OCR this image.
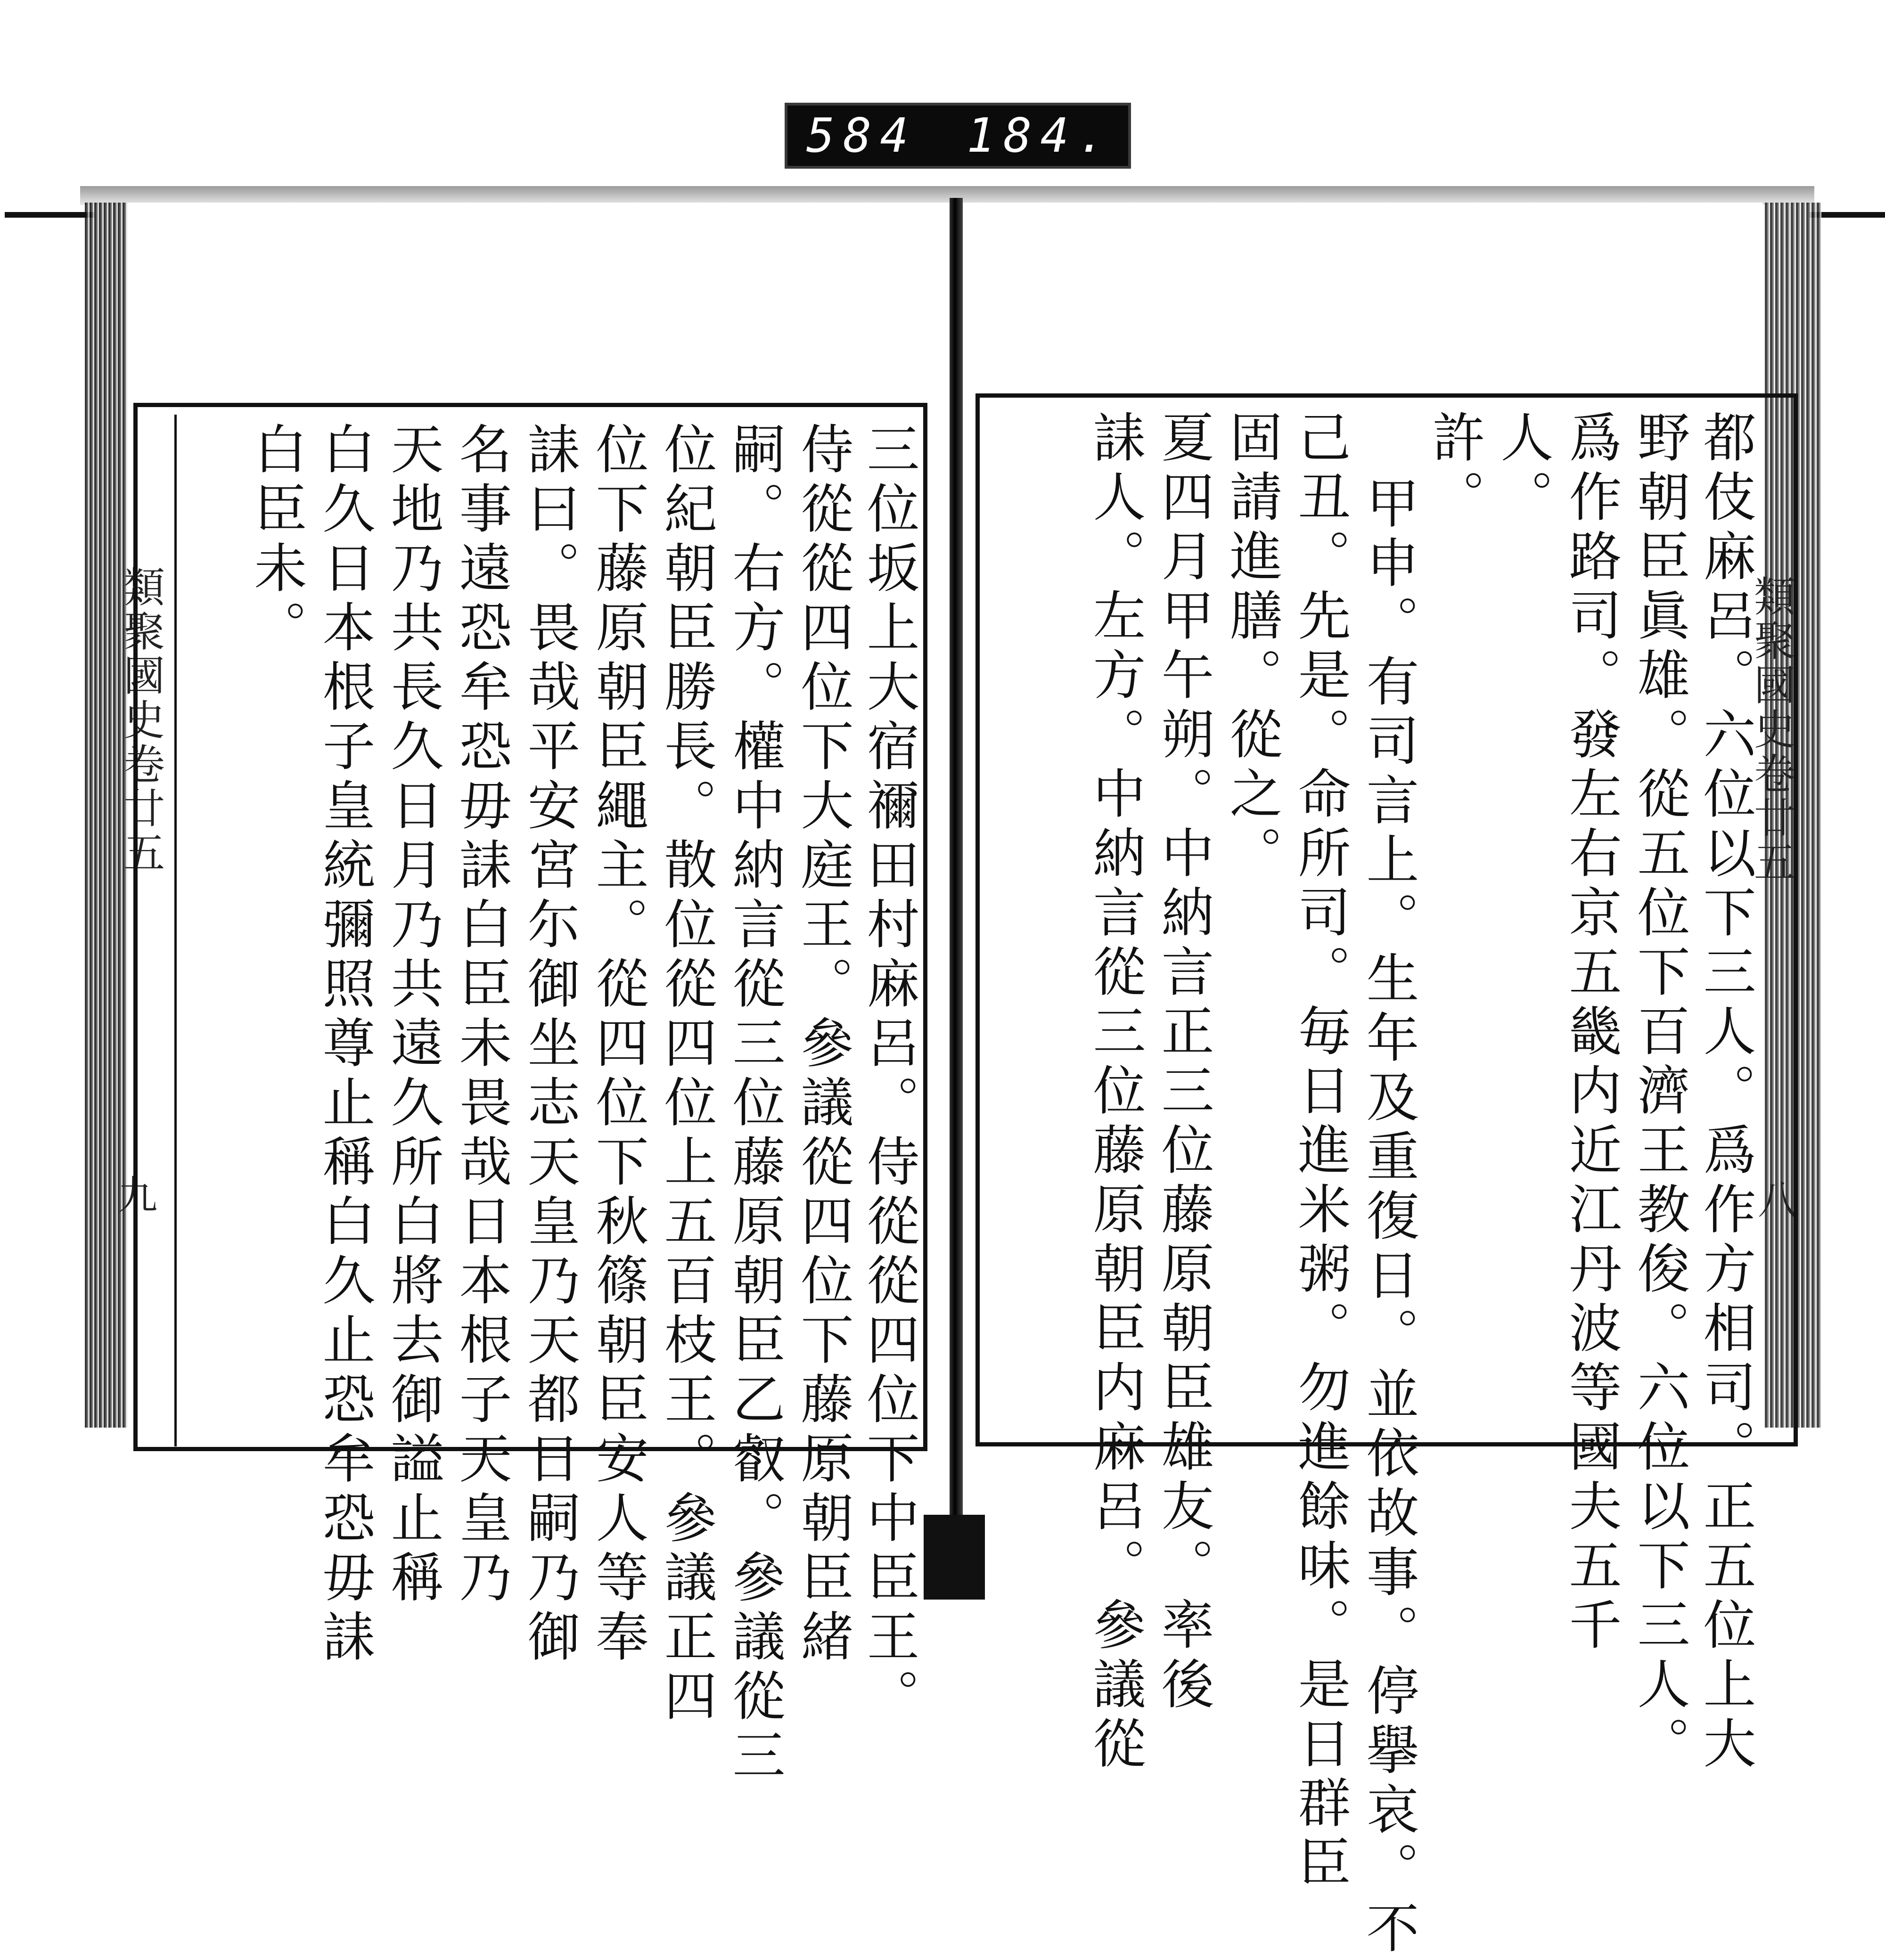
584 184.
類聚國史卷廿五	類聚國史卷廿五
九	八
三位坂上大宿禰田村麻呂。侍從從四位下中臣王。
侍從從四位下大庭王。參議從四位下藤原朝臣緒
嗣。右方。權中納言從三位藤原朝臣乙叡。參議從三
位紀朝臣勝長。散位從四位上五百枝王。參議正四
位下藤原朝臣繩主。從四位下秋篠朝臣安人等奉
誄曰。畏哉平安宮尓御坐志天皇乃天都日嗣乃御
名事遠恐牟恐毋誄白臣未畏哉日本根子天皇乃
天地乃共長久日月乃共遠久所白將去御謚止稱
白久日本根子皇統彌照尊止稱白久止恐牟恐毋誄
白臣未。	都伎麻呂。六位以下三人。爲作方相司。正五位上大
野朝臣眞雄。從五位下百濟王教俊。六位以下三人。
爲作路司。發左右京五畿内近江丹波等國夫五千
人。
許。
甲申。有司言上。生年及重復日。並依故事。停擧哀。不
己丑。先是。命所司。毎日進米粥。勿進餘味。是日群臣
固請進膳。從之。
夏四月甲午朔。中納言正三位藤原朝臣雄友。率後
誄人。左方。中納言從三位藤原朝臣内麻呂。參議從
